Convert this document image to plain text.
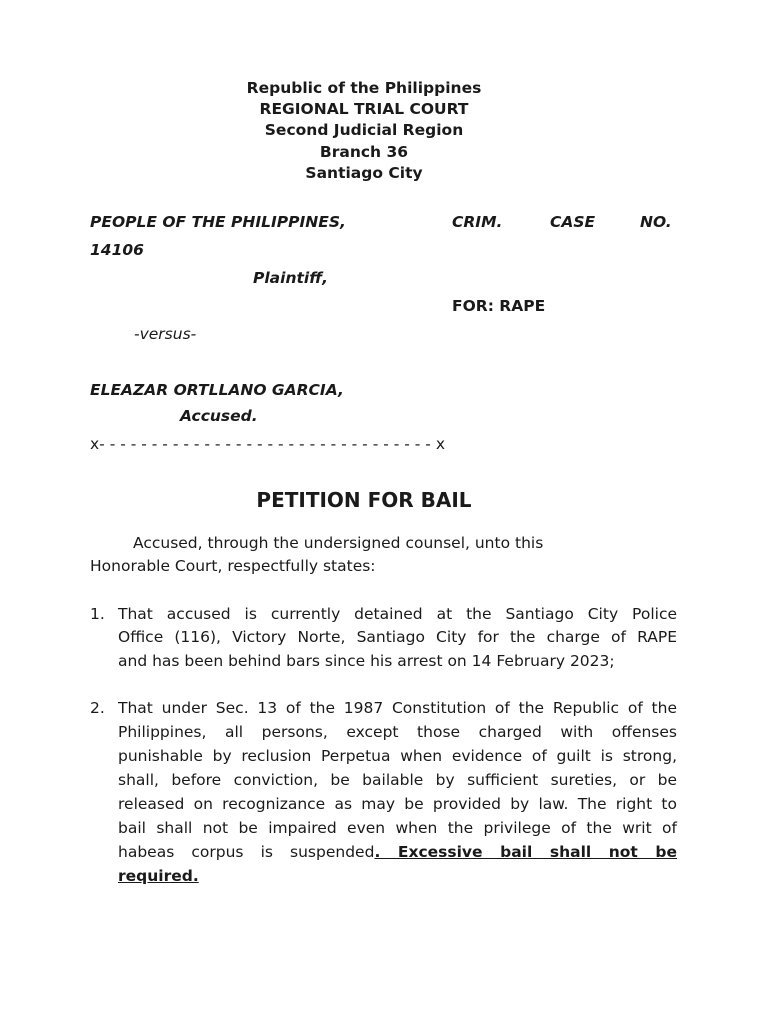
Republic of the Philippines
REGIONAL TRIAL COURT
Second Judicial Region
Branch 36
Santiago City
PEOPLE OF THE PHILIPPINES,	CRIM.	CASE	NO.
14106
Plaintiff,
FOR: RAPE
-versus-
ELEAZAR ORTLLANO GARCIA,
Accused.
x- - - - - - - - - - - - - - - - - - - - - - - - - - - - - - - - x
PETITION FOR BAIL
Accused, through the undersigned counsel, unto this
Honorable Court, respectfully states:
1. That accused is currently detained at the Santiago City Police
Office (116), Victory Norte, Santiago City for the charge of RAPE
and has been behind bars since his arrest on 14 February 2023;
2. That under Sec. 13 of the 1987 Constitution of the Republic of the
Philippines, all persons, except those charged with offenses
punishable by reclusion Perpetua when evidence of guilt is strong,
shall, before conviction, be bailable by sufficient sureties, or be
released on recognizance as may be provided by law. The right to
bail shall not be impaired even when the privilege of the writ of
habeas corpus is suspended. Excessive bail shall not be
required.
